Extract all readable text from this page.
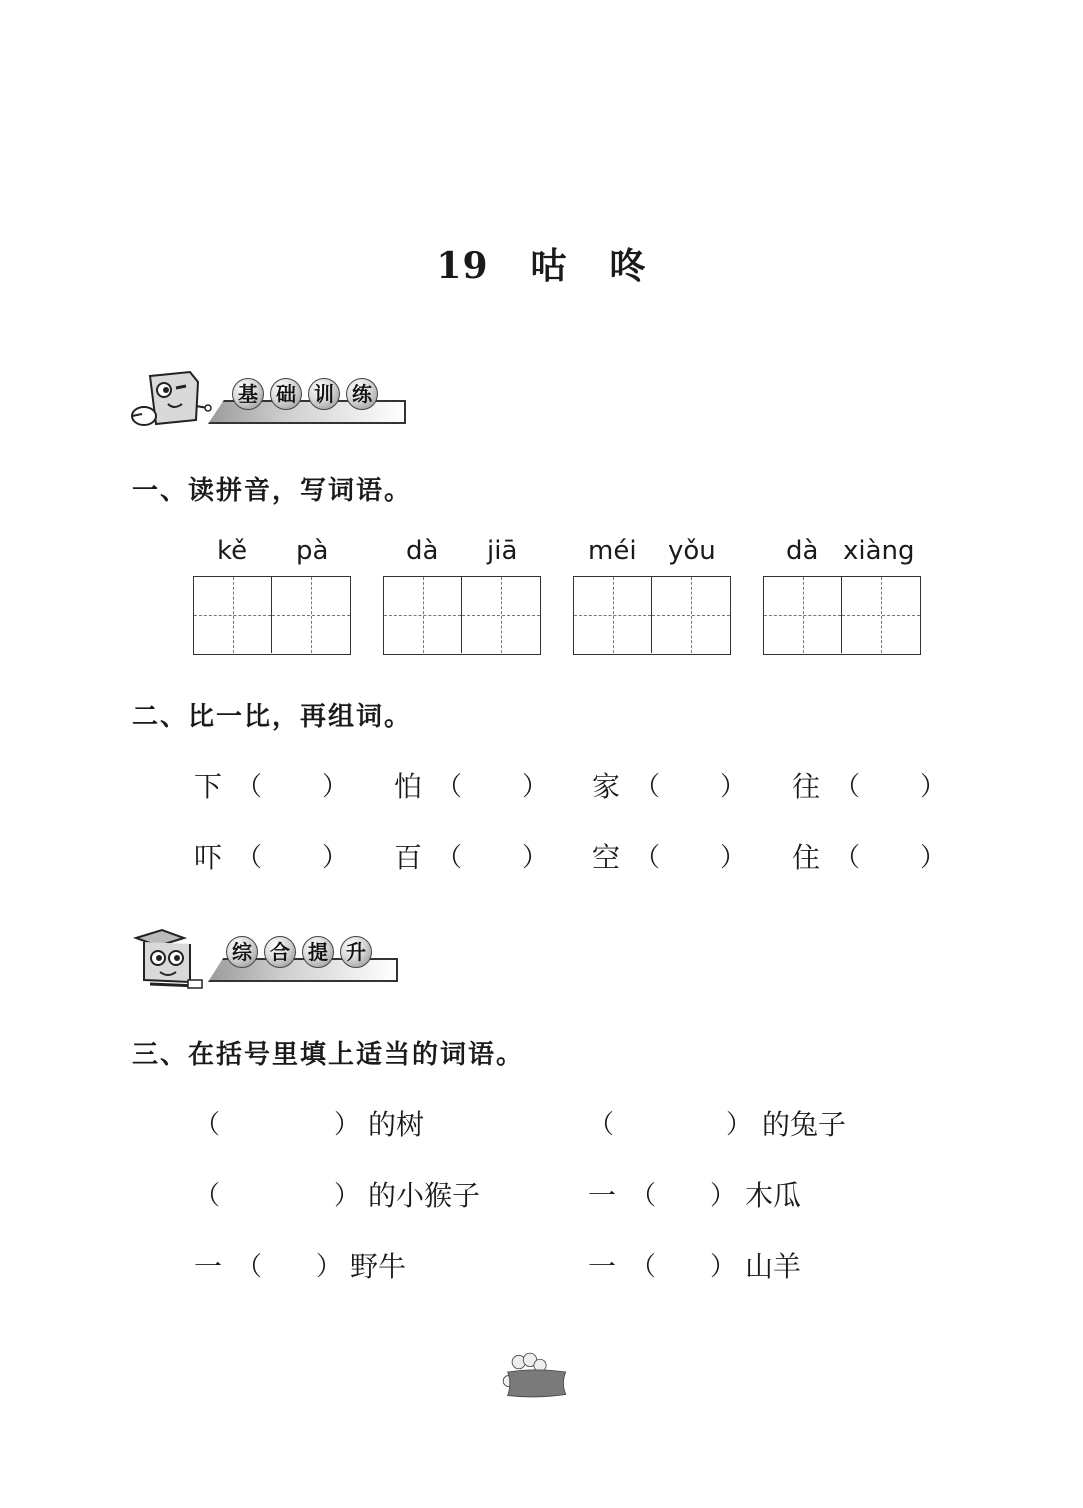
19 咕 咚
基 础 训 练
一、读拼音，写词语。
kě pà	dà jiā	méi yǒu	dà xiàng
二、比一比，再组词。
下 （ ） 怕 （ ） 家 （ ） 往 （ ）
吓 （ ） 百 （ ） 空 （ ） 住 （ ）
综 合 提 升
三、在括号里填上适当的词语。
（	） 的树	（	） 的兔子
（	） 的小猴子	一 （ ） 木瓜
一 （ ） 野牛	一 （ ） 山羊
67
